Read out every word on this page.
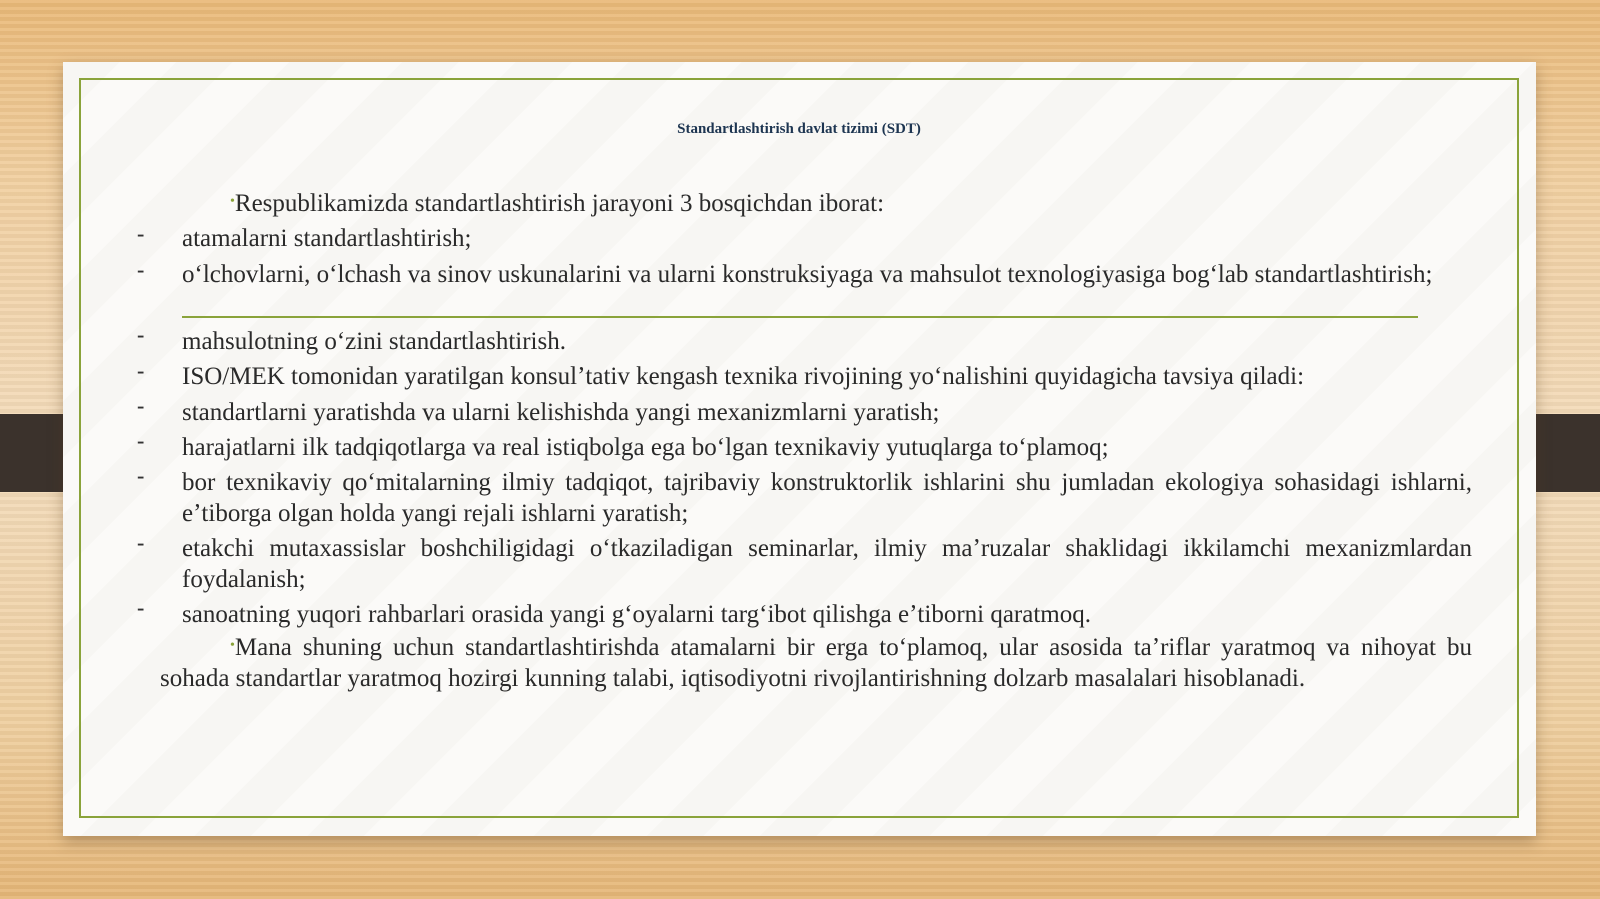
Standartlashtirish davlat tizimi (SDT)
•Respublikamizda standartlashtirish jarayoni 3 bosqichdan iborat:
- atamalarni standartlashtirish;
- oʻlchovlarni, oʻlchash va sinov uskunalarini va ularni konstruksiyaga va mahsulot texnologiyasiga bogʻlab standartlashtirish;
- mahsulotning oʻzini standartlashtirish.
- ISO/MEK tomonidan yaratilgan konsulʼtativ kengash texnika rivojining yoʻnalishini quyidagicha tavsiya qiladi:
- standartlarni yaratishda va ularni kelishishda yangi mexanizmlarni yaratish;
- harajatlarni ilk tadqiqotlarga va real istiqbolga ega boʻlgan texnikaviy yutuqlarga toʻplamoq;
- bor texnikaviy qoʻmitalarning ilmiy tadqiqot, tajribaviy konstruktorlik ishlarini shu jumladan ekologiya sohasidagi ishlarni, eʼtiborga olgan holda yangi rejali ishlarni yaratish;
- etakchi mutaxassislar boshchiligidagi oʻtkaziladigan seminarlar, ilmiy maʼruzalar shaklidagi ikkilamchi mexanizmlardan foydalanish;
- sanoatning yuqori rahbarlari orasida yangi gʻoyalarni targʻibot qilishga eʼtiborni qaratmoq.
•Mana shuning uchun standartlashtirishda atamalarni bir erga toʻplamoq, ular asosida taʼriflar yaratmoq va nihoyat bu sohada standartlar yaratmoq hozirgi kunning talabi, iqtisodiyotni rivojlantirishning dolzarb masalalari hisoblanadi.
